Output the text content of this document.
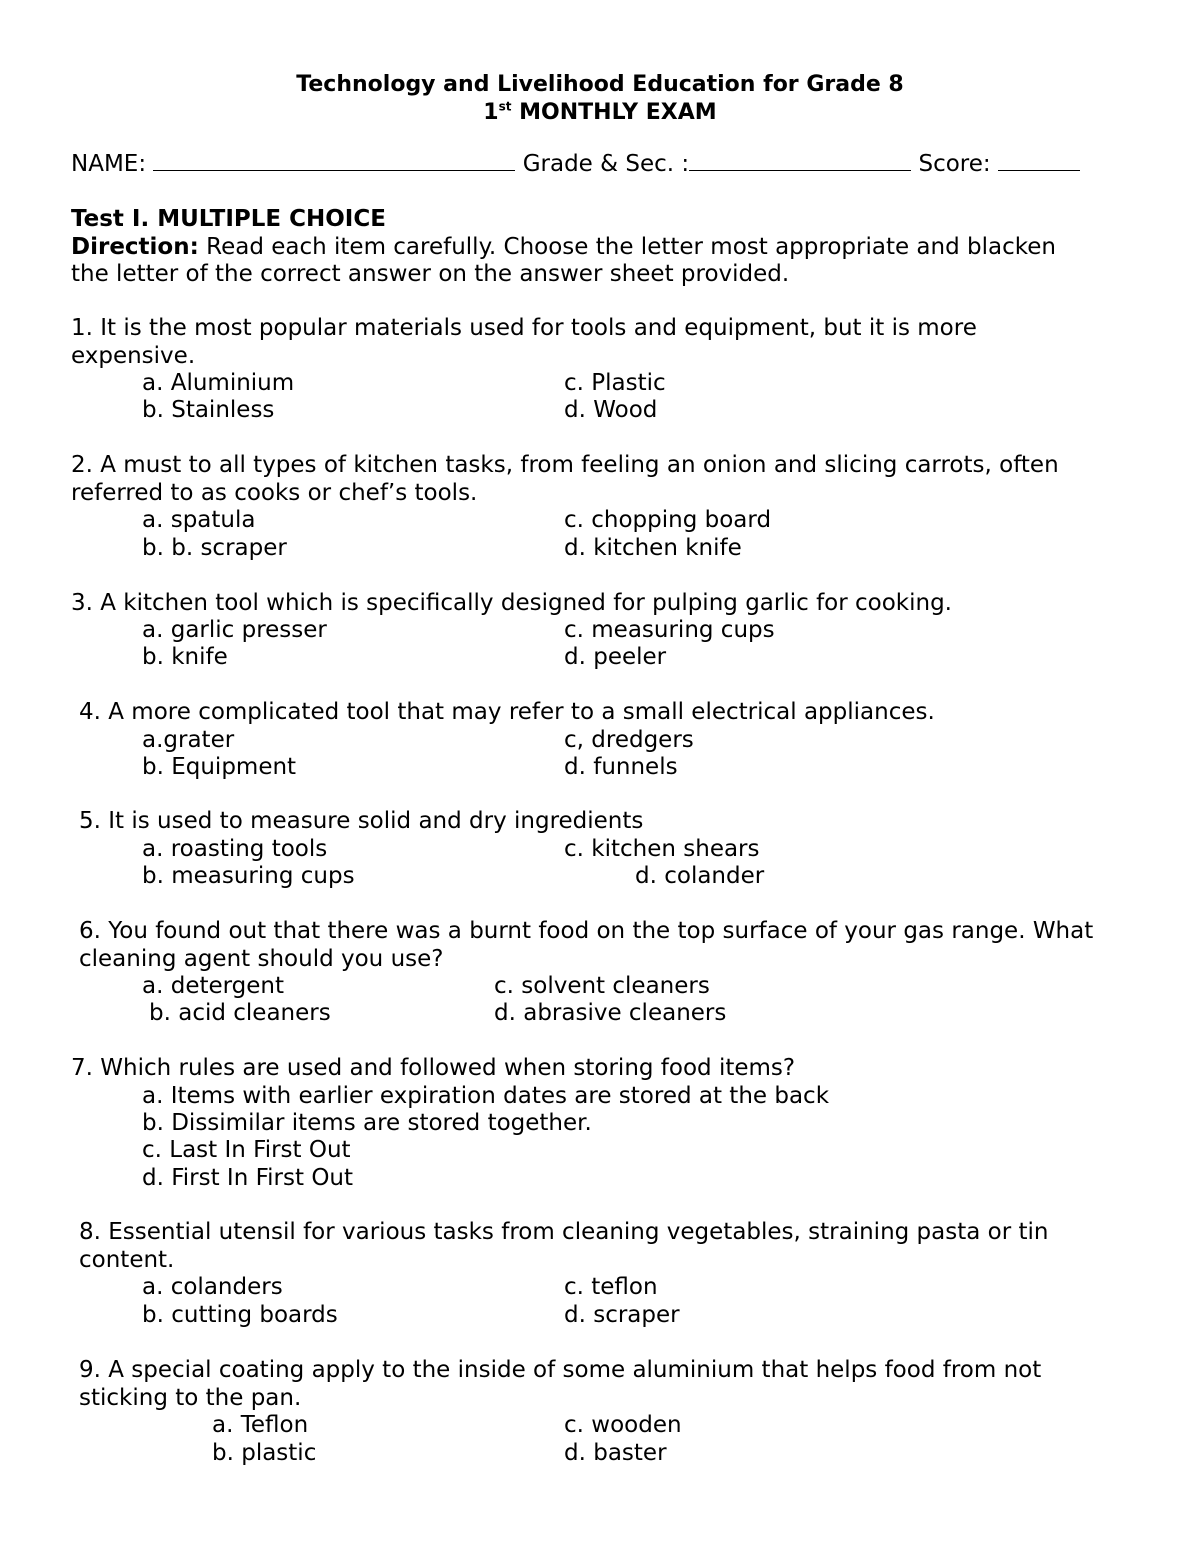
Technology and Livelihood Education for Grade 8
1st MONTHLY EXAM
NAME:	Grade & Sec. :	Score:
Test I. MULTIPLE CHOICE
Direction: Read each item carefully. Choose the letter most appropriate and blacken
the letter of the correct answer on the answer sheet provided.
1. It is the most popular materials used for tools and equipment, but it is more
expensive.
a. Aluminium	c. Plastic
b. Stainless	d. Wood
2. A must to all types of kitchen tasks, from feeling an onion and slicing carrots, often
referred to as cooks or chef’s tools.
a. spatula	c. chopping board
b. b. scraper	d. kitchen knife
3. A kitchen tool which is specifically designed for pulping garlic for cooking.
a. garlic presser	c. measuring cups
b. knife	d. peeler
4. A more complicated tool that may refer to a small electrical appliances.
a.grater	c, dredgers
b. Equipment	d. funnels
5. It is used to measure solid and dry ingredients
a. roasting tools	c. kitchen shears
b. measuring cups	d. colander
6. You found out that there was a burnt food on the top surface of your gas range. What
cleaning agent should you use?
a. detergent	c. solvent cleaners
b. acid cleaners	d. abrasive cleaners
7. Which rules are used and followed when storing food items?
a. Items with earlier expiration dates are stored at the back
b. Dissimilar items are stored together.
c. Last In First Out
d. First In First Out
8. Essential utensil for various tasks from cleaning vegetables, straining pasta or tin
content.
a. colanders	c. teflon
b. cutting boards	d. scraper
9. A special coating apply to the inside of some aluminium that helps food from not
sticking to the pan.
a. Teflon	c. wooden
b. plastic	d. baster
